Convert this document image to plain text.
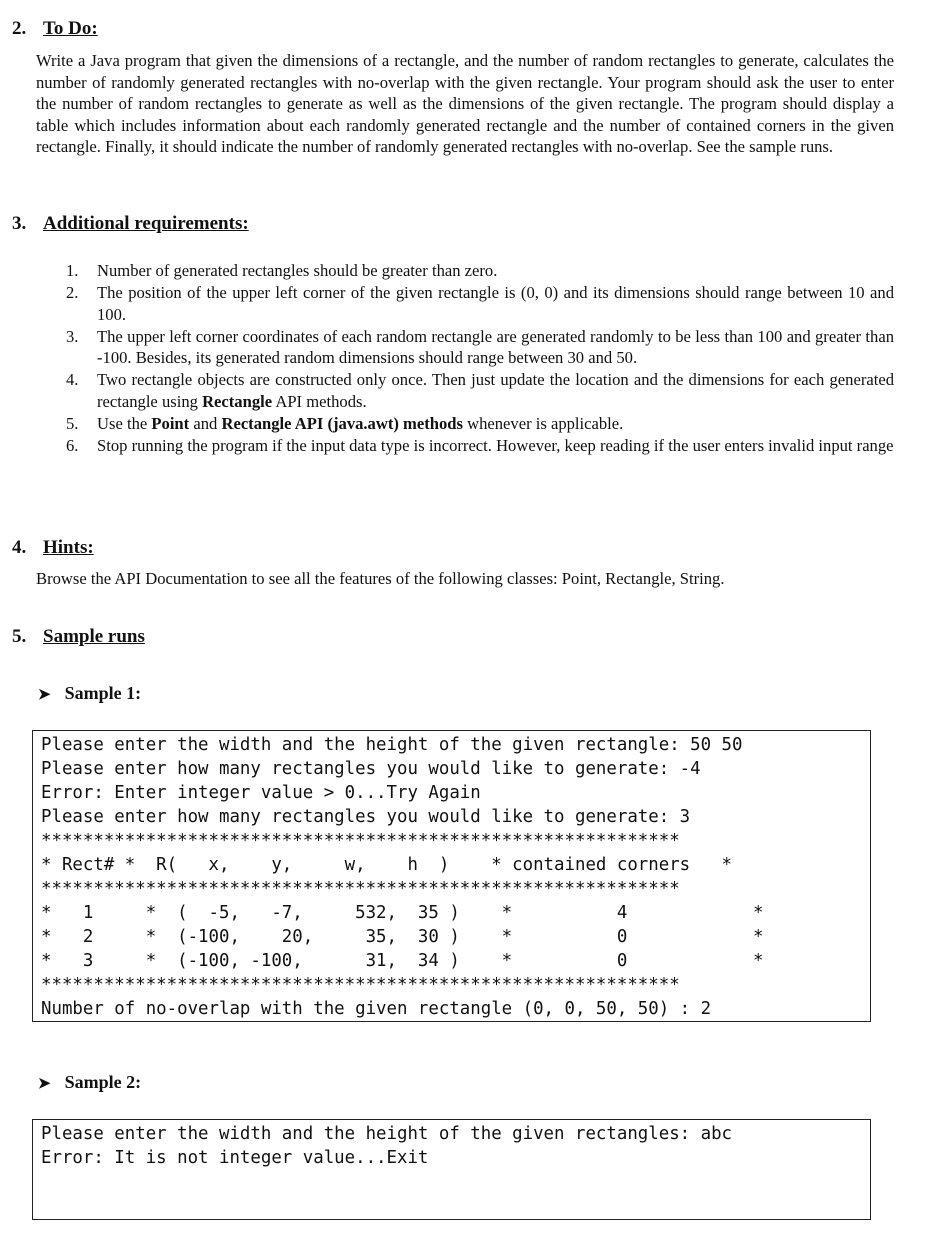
2. To Do:

Write a Java program that given the dimensions of a rectangle, and the number of random rectangles to generate, calculates the number of randomly generated rectangles with no-overlap with the given rectangle. Your program should ask the user to enter the number of random rectangles to generate as well as the dimensions of the given rectangle. The program should display a table which includes information about each randomly generated rectangle and the number of contained corners in the given rectangle. Finally, it should indicate the number of randomly generated rectangles with no-overlap. See the sample runs.

3. Additional requirements:
1. Number of generated rectangles should be greater than zero.
2. The position of the upper left corner of the given rectangle is (0, 0) and its dimensions should range between 10 and 100.
3. The upper left corner coordinates of each random rectangle are generated randomly to be less than 100 and greater than -100. Besides, its generated random dimensions should range between 30 and 50.
4. Two rectangle objects are constructed only once. Then just update the location and the dimensions for each generated rectangle using Rectangle API methods.
5. Use the Point and Rectangle API (java.awt) methods whenever is applicable.
6. Stop running the program if the input data type is incorrect. However, keep reading if the user enters invalid input range
4. Hints:

Browse the API Documentation to see all the features of the following classes: Point, Rectangle, String.

5. Sample runs
➤ Sample 1:
Please enter the width and the height of the given rectangle: 50 50
Please enter how many rectangles you would like to generate: -4
Error: Enter integer value > 0...Try Again
Please enter how many rectangles you would like to generate: 3
*************************************************************
* Rect# *  R(   x,    y,     w,    h  )    * contained corners   *
*************************************************************
*   1     *  (  -5,   -7,     532,  35 )    *          4            *
*   2     *  (-100,    20,     35,  30 )    *          0            *
*   3     *  (-100, -100,      31,  34 )    *          0            *
*************************************************************
Number of no-overlap with the given rectangle (0, 0, 50, 50) : 2
➤ Sample 2:
Please enter the width and the height of the given rectangles: abc
Error: It is not integer value...Exit
